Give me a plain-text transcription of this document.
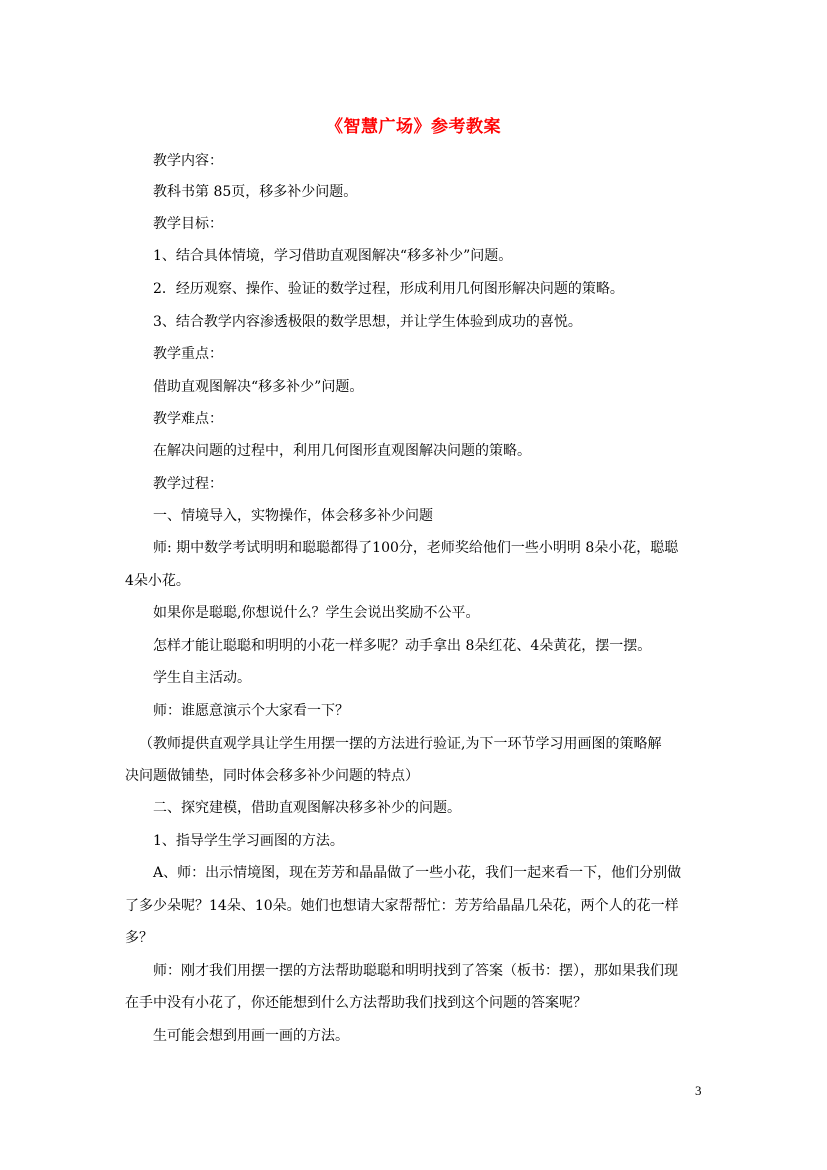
《智慧广场》参考教案
教学内容：
教科书第 85页，移多补少问题。
教学目标：
1、结合具体情境，学习借助直观图解决“移多补少”问题。
2．经历观察、操作、验证的数学过程，形成利用几何图形解决问题的策略。
3、结合教学内容渗透极限的数学思想，并让学生体验到成功的喜悦。
教学重点：
借助直观图解决“移多补少”问题。
教学难点：
在解决问题的过程中，利用几何图形直观图解决问题的策略。
教学过程：
一、情境导入，实物操作，体会移多补少问题
师: 期中数学考试明明和聪聪都得了100分，老师奖给他们一些小明明 8朵小花，聪聪
4朵小花。
如果你是聪聪,你想说什么？学生会说出奖励不公平。
怎样才能让聪聪和明明的小花一样多呢？动手拿出 8朵红花、4朵黄花，摆一摆。
学生自主活动。
师：谁愿意演示个大家看一下？
（教师提供直观学具让学生用摆一摆的方法进行验证,为下一环节学习用画图的策略解
决问题做铺垫，同时体会移多补少问题的特点）
二、探究建模，借助直观图解决移多补少的问题。
1、指导学生学习画图的方法。
A、师：出示情境图，现在芳芳和晶晶做了一些小花，我们一起来看一下，他们分别做
了多少朵呢？14朵、10朵。她们也想请大家帮帮忙：芳芳给晶晶几朵花，两个人的花一样
多？
师：刚才我们用摆一摆的方法帮助聪聪和明明找到了答案（板书：摆），那如果我们现
在手中没有小花了，你还能想到什么方法帮助我们找到这个问题的答案呢？
生可能会想到用画一画的方法。
3
